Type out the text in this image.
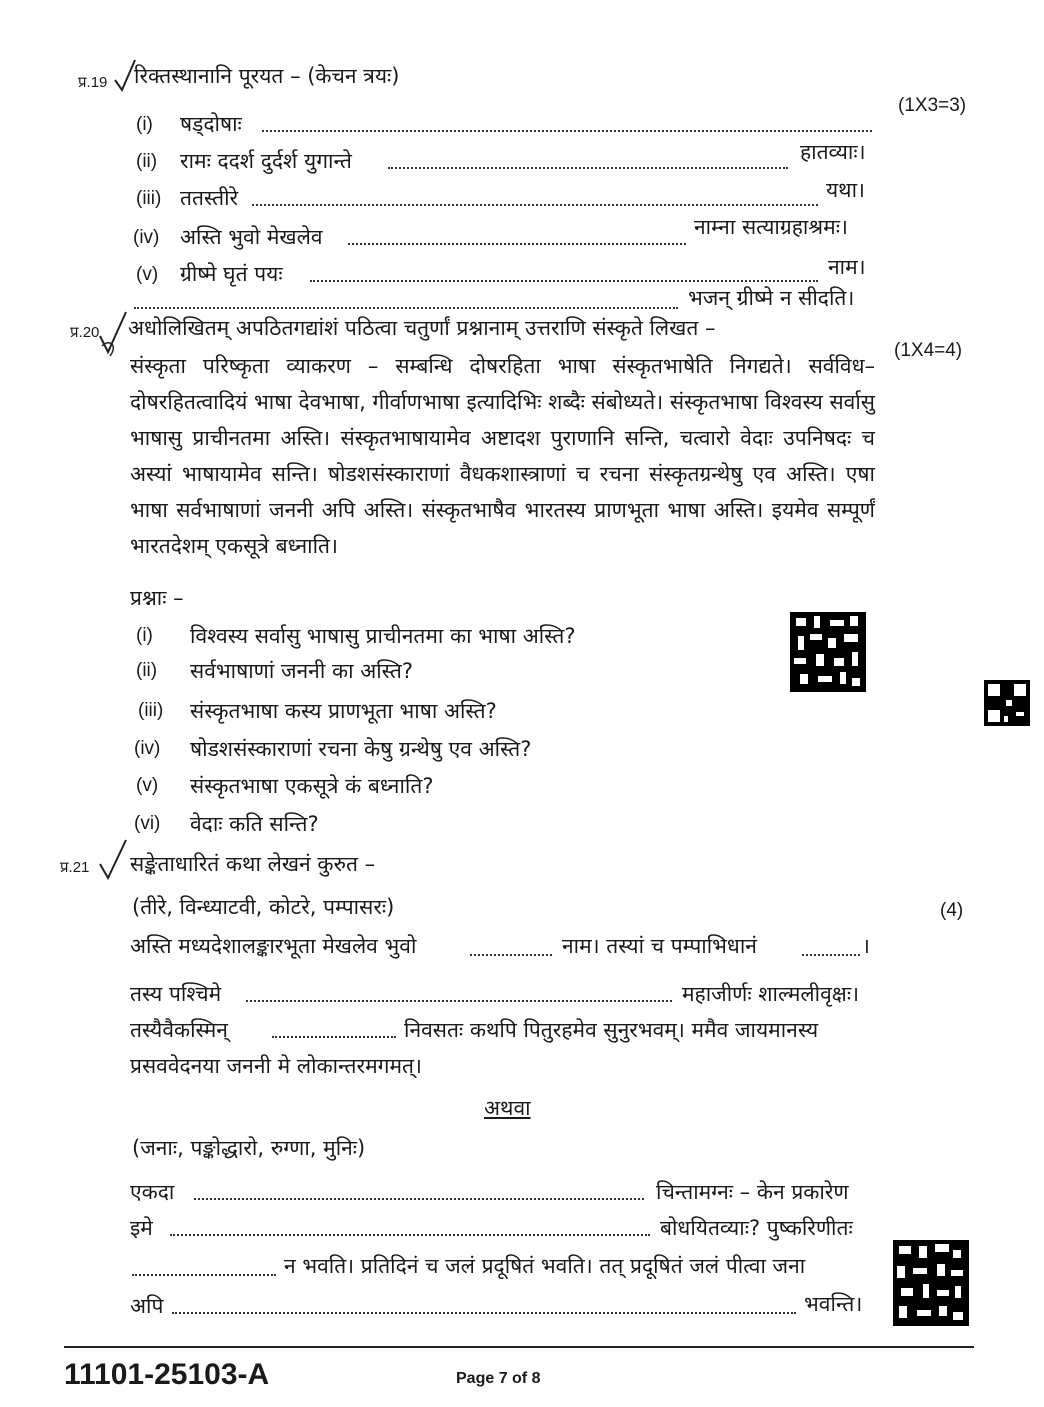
प्र.19 रिक्तस्थानानि पूरयत – (केचन त्रयः)
(1X3=3)
(i) षड्दोषाः
(ii) रामः ददर्श दुर्दर्श युगान्ते	हातव्याः।
(iii) ततस्तीरे	यथा।
(iv) अस्ति भुवो मेखलेव	नाम्ना सत्याग्रहाश्रमः।
(v) ग्रीष्मे घृतं पयः	नाम।
भजन् ग्रीष्मे न सीदति।
प्र.20 अधोलिखितम् अपठितगद्यांशं पठित्वा चतुर्णां प्रश्नानाम् उत्तराणि संस्कृते लिखत –
(1X4=4)
संस्कृता परिष्कृता व्याकरण – सम्बन्धि दोषरहिता भाषा संस्कृतभाषेति निगद्यते। सर्वविध–दोषरहितत्वादियं भाषा देवभाषा, गीर्वाणभाषा इत्यादिभिः शब्दैः संबोध्यते। संस्कृतभाषा विश्वस्य सर्वासु भाषासु प्राचीनतमा अस्ति। संस्कृतभाषायामेव अष्टादश पुराणानि सन्ति, चत्वारो वेदाः उपनिषदः च अस्यां भाषायामेव सन्ति। षोडशसंस्काराणां वैधकशास्त्राणां च रचना संस्कृतग्रन्थेषु एव अस्ति। एषा भाषा सर्वभाषाणां जननी अपि अस्ति। संस्कृतभाषैव भारतस्य प्राणभूता भाषा अस्ति। इयमेव सम्पूर्णं भारतदेशम् एकसूत्रे बध्नाति।
प्रश्नाः –
(i) विश्वस्य सर्वासु भाषासु प्राचीनतमा का भाषा अस्ति?
(ii) सर्वभाषाणां जननी का अस्ति?
(iii) संस्कृतभाषा कस्य प्राणभूता भाषा अस्ति?
(iv) षोडशसंस्काराणां रचना केषु ग्रन्थेषु एव अस्ति?
(v) संस्कृतभाषा एकसूत्रे कं बध्नाति?
(vi) वेदाः कति सन्ति?
प्र.21 सङ्केताधारितं कथा लेखनं कुरुत –
(4)
(तीरे, विन्ध्याटवी, कोटरे, पम्पासरः)
अस्ति मध्यदेशालङ्कारभूता मेखलेव भुवो	नाम। तस्यां च पम्पाभिधानं	।
तस्य पश्चिमे	महाजीर्णः शाल्मलीवृक्षः।
तस्यैवैकस्मिन्	निवसतः कथपि पितुरहमेव सुनुरभवम्। ममैव जायमानस्य
प्रसववेदनया जननी मे लोकान्तरमगमत्।
अथवा
(जनाः, पङ्कोद्धारो, रुग्णा, मुनिः)
एकदा	चिन्तामग्नः – केन प्रकारेण
इमे	बोधयितव्याः? पुष्करिणीतः
न भवति। प्रतिदिनं च जलं प्रदूषितं भवति। तत् प्रदूषितं जलं पीत्वा जना
अपि	भवन्ति।
11101-25103-A	Page 7 of 8
